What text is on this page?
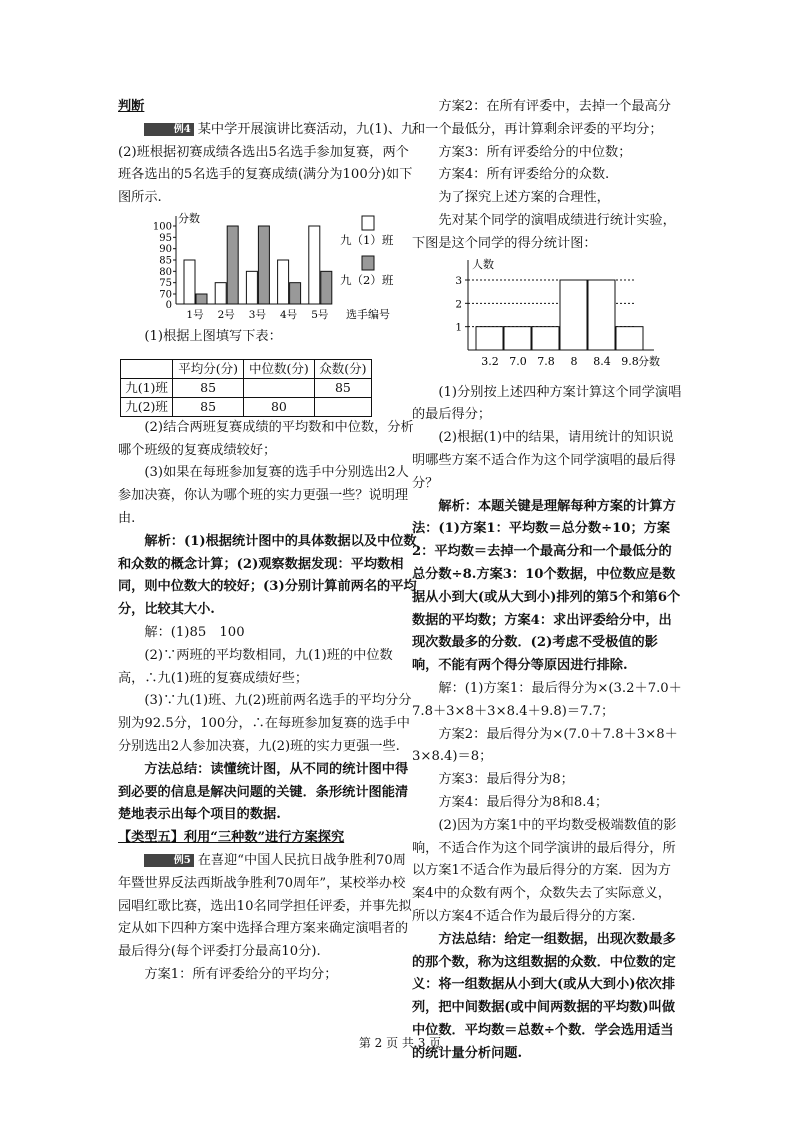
判断

例4 某中学开展演讲比赛活动，九(1)、九(2)班根据初赛成绩各选出5名选手参加复赛，两个班各选出的5名选手的复赛成绩(满分为100分)如下图所示.

分数
0
70
75
80
85
90
95
100
1号 2号 3号 4号 5号 选手编号
九（1）班
九（2）班

(1)根据上图填写下表：

	平均分(分)	中位数(分)	众数(分)
九(1)班	85		85
九(2)班	85	80	

(2)结合两班复赛成绩的平均数和中位数，分析哪个班级的复赛成绩较好；

(3)如果在每班参加复赛的选手中分别选出2人参加决赛，你认为哪个班的实力更强一些？说明理由.

解析：(1)根据统计图中的具体数据以及中位数和众数的概念计算；(2)观察数据发现：平均数相同，则中位数大的较好；(3)分别计算前两名的平均分，比较其大小.

解：(1)85　100

(2)∵两班的平均数相同，九(1)班的中位数高，∴九(1)班的复赛成绩好些；

(3)∵九(1)班、九(2)班前两名选手的平均分分别为92.5分，100分，∴在每班参加复赛的选手中分别选出2人参加决赛，九(2)班的实力更强一些.

方法总结：读懂统计图，从不同的统计图中得到必要的信息是解决问题的关键．条形统计图能清楚地表示出每个项目的数据.

【类型五】利用“三种数”进行方案探究

例5 在喜迎“中国人民抗日战争胜利70周年暨世界反法西斯战争胜利70周年”，某校举办校园唱红歌比赛，选出10名同学担任评委，并事先拟定从如下四种方案中选择合理方案来确定演唱者的最后得分(每个评委打分最高10分).

方案1：所有评委给分的平均分；

方案2：在所有评委中，去掉一个最高分和一个最低分，再计算剩余评委的平均分；

方案3：所有评委给分的中位数；

方案4：所有评委给分的众数.

为了探究上述方案的合理性，

先对某个同学的演唱成绩进行统计实验，下图是这个同学的得分统计图：

人数
1
2
3
3.2 7.0 7.8 8 8.4 9.8 分数

(1)分别按上述四种方案计算这个同学演唱的最后得分；

(2)根据(1)中的结果，请用统计的知识说明哪些方案不适合作为这个同学演唱的最后得分？

解析：本题关键是理解每种方案的计算方法：(1)方案1：平均数＝总分数÷10；方案2：平均数＝去掉一个最高分和一个最低分的总分数÷8.方案3：10个数据，中位数应是数据从小到大(或从大到小)排列的第5个和第6个数据的平均数；方案4：求出评委给分中，出现次数最多的分数．(2)考虑不受极值的影响，不能有两个得分等原因进行排除.

解：(1)方案1：最后得分为×(3.2＋7.0＋7.8＋3×8＋3×8.4＋9.8)＝7.7；

方案2：最后得分为×(7.0＋7.8＋3×8＋3×8.4)＝8；

方案3：最后得分为8；

方案4：最后得分为8和8.4；

(2)因为方案1中的平均数受极端数值的影响，不适合作为这个同学演讲的最后得分，所以方案1不适合作为最后得分的方案．因为方案4中的众数有两个，众数失去了实际意义，所以方案4不适合作为最后得分的方案.

方法总结：给定一组数据，出现次数最多的那个数，称为这组数据的众数．中位数的定义：将一组数据从小到大(或从大到小)依次排列，把中间数据(或中间两数据的平均数)叫做中位数．平均数＝总数÷个数．学会选用适当的统计量分析问题.

第 2 页 共 3 页
